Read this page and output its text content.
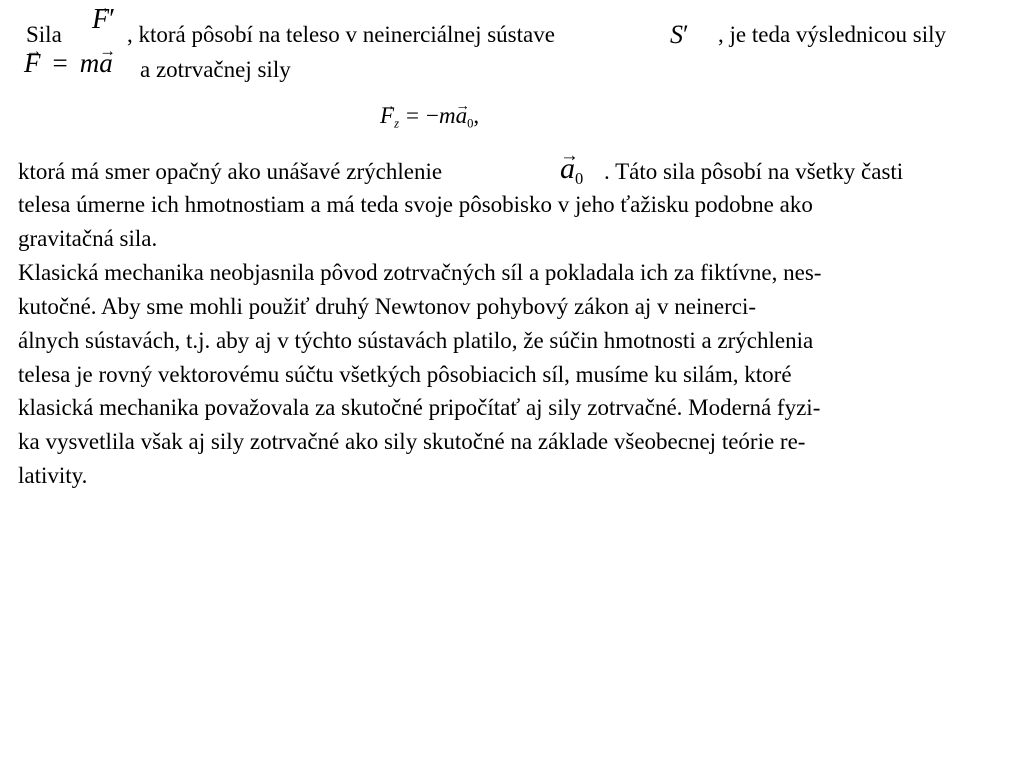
Sila → F′ , ktorá pôsobí na teleso v neinerciálnej sústave	S′ , je teda výslednicou sily
→ F = m→ a a zotrvačnej sily
→ $Fz = -m\to a_0$,
ktorá má smer opačný ako unášavé zrýchlenie	→ $a_0$ . Táto sila pôsobí na všetky časti
telesa úmerne ich hmotnostiam a má teda svoje pôsobisko v jeho ťažisku podobne ako
gravitačná sila.
Klasická mechanika neobjasnila pôvod zotrvačných síl a pokladala ich za fiktívne, nes-
kutočné. Aby sme mohli použiť druhý Newtonov pohybový zákon aj v neinerci-
álnych sústavách, t.j. aby aj v týchto sústavách platilo, že súčin hmotnosti a zrýchlenia
telesa je rovný vektorovému súčtu všetkých pôsobiacich síl, musíme ku silám, ktoré
klasická mechanika považovala za skutočné pripočítať aj sily zotrvačné. Moderná fyzi-
ka vysvetlila však aj sily zotrvačné ako sily skutočné na základe všeobecnej teórie re-
lativity.
